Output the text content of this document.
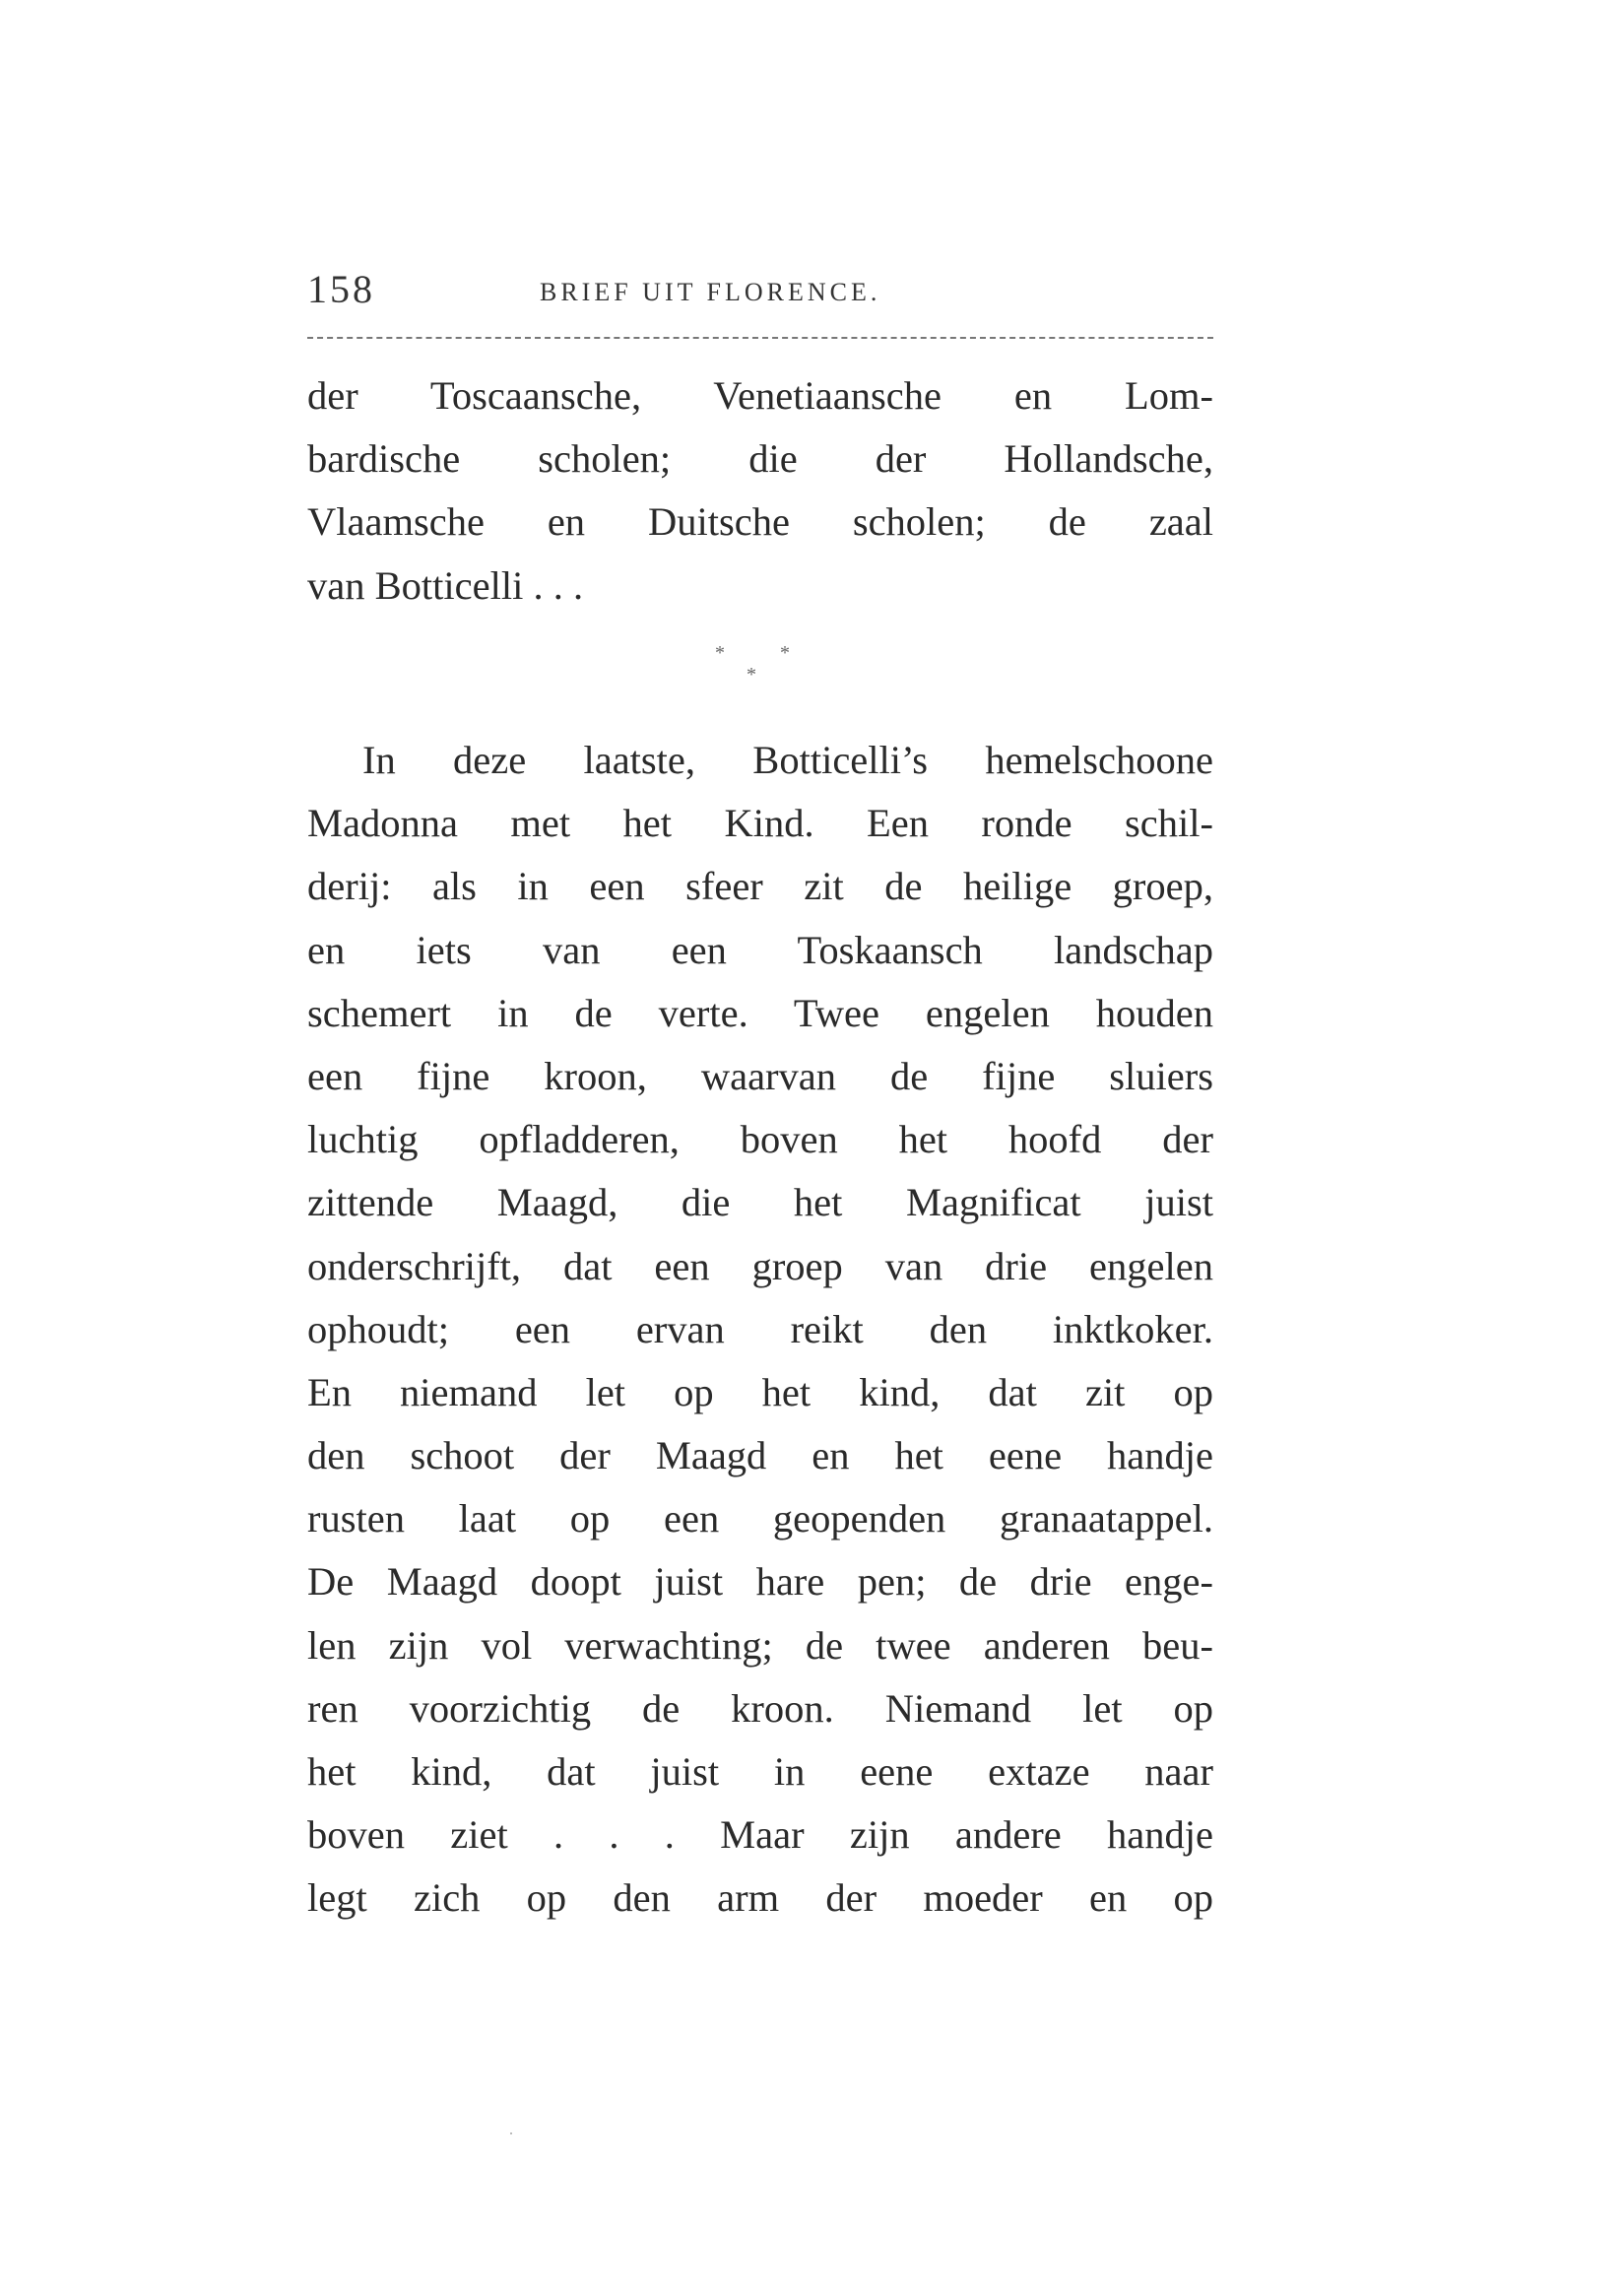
158	BRIEF UIT FLORENCE.
der Toscaansche, Venetiaansche en Lom-
bardische scholen; die der Hollandsche,
Vlaamsche en Duitsche scholen; de zaal
van Botticelli . . .
*
*
*
In deze laatste, Botticelli’s hemelschoone
Madonna met het Kind. Een ronde schil-
derij: als in een sfeer zit de heilige groep,
en iets van een Toskaansch landschap
schemert in de verte. Twee engelen houden
een fijne kroon, waarvan de fijne sluiers
luchtig opfladderen, boven het hoofd der
zittende Maagd, die het Magnificat juist
onderschrijft, dat een groep van drie engelen
ophoudt; een ervan reikt den inktkoker.
En niemand let op het kind, dat zit op
den schoot der Maagd en het eene handje
rusten laat op een geopenden granaatappel.
De Maagd doopt juist hare pen; de drie enge-
len zijn vol verwachting; de twee anderen beu-
ren voorzichtig de kroon. Niemand let op
het kind, dat juist in eene extaze naar
boven ziet . . . Maar zijn andere handje
legt zich op den arm der moeder en op
